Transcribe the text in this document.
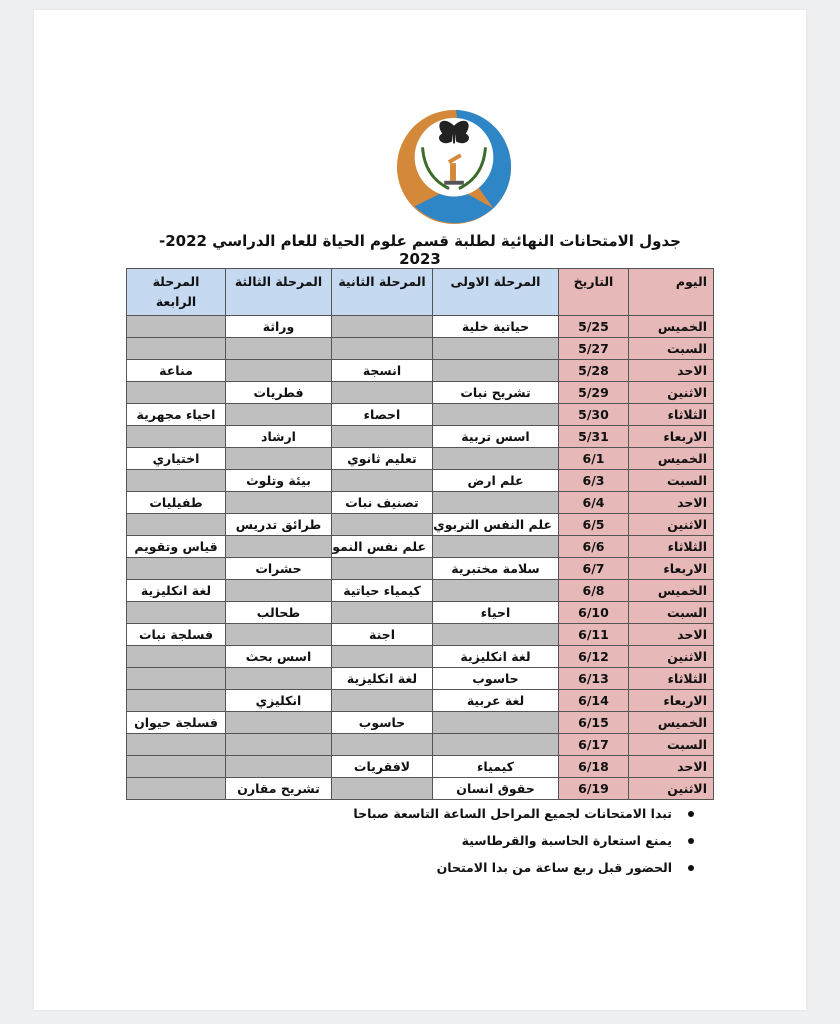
جدول الامتحانات النهائية لطلبة قسم علوم الحياة للعام الدراسي 2022-2023
اليوم	التاريخ	المرحلة الاولى	المرحلة الثانية	المرحلة الثالثة	المرحلة الرابعة
الخميس	5/25	حياتية خلية		وراثة	
السبت	5/27				
الاحد	5/28		انسجة		مناعة
الاثنين	5/29	تشريح نبات		فطريات	
الثلاثاء	5/30		احصاء		احياء مجهرية
الاربعاء	5/31	اسس تربية		ارشاد	
الخميس	6/1		تعليم ثانوي		اختياري
السبت	6/3	علم ارض		بيئة وتلوث	
الاحد	6/4		تصنيف نبات		طفيليات
الاثنين	6/5	علم النفس التربوي		طرائق تدريس	
الثلاثاء	6/6		علم نفس النمو		قياس وتقويم
الاربعاء	6/7	سلامة مختبرية		حشرات	
الخميس	6/8		كيمياء حياتية		لغة انكليزية
السبت	6/10	احياء		طحالب	
الاحد	6/11		اجنة		فسلجة نبات
الاثنين	6/12	لغة انكليزية		اسس بحث	
الثلاثاء	6/13	حاسوب	لغة انكليزية		
الاربعاء	6/14	لغة عربية		انكليزي	
الخميس	6/15		حاسوب		فسلجة حيوان
السبت	6/17				
الاحد	6/18	كيمياء	لافقريات		
الاثنين	6/19	حقوق انسان		تشريح مقارن	
تبدا الامتحانات لجميع المراحل الساعة التاسعة صباحا
يمنع استعارة الحاسبة والقرطاسية
الحضور قبل ربع ساعة من بدا الامتحان
